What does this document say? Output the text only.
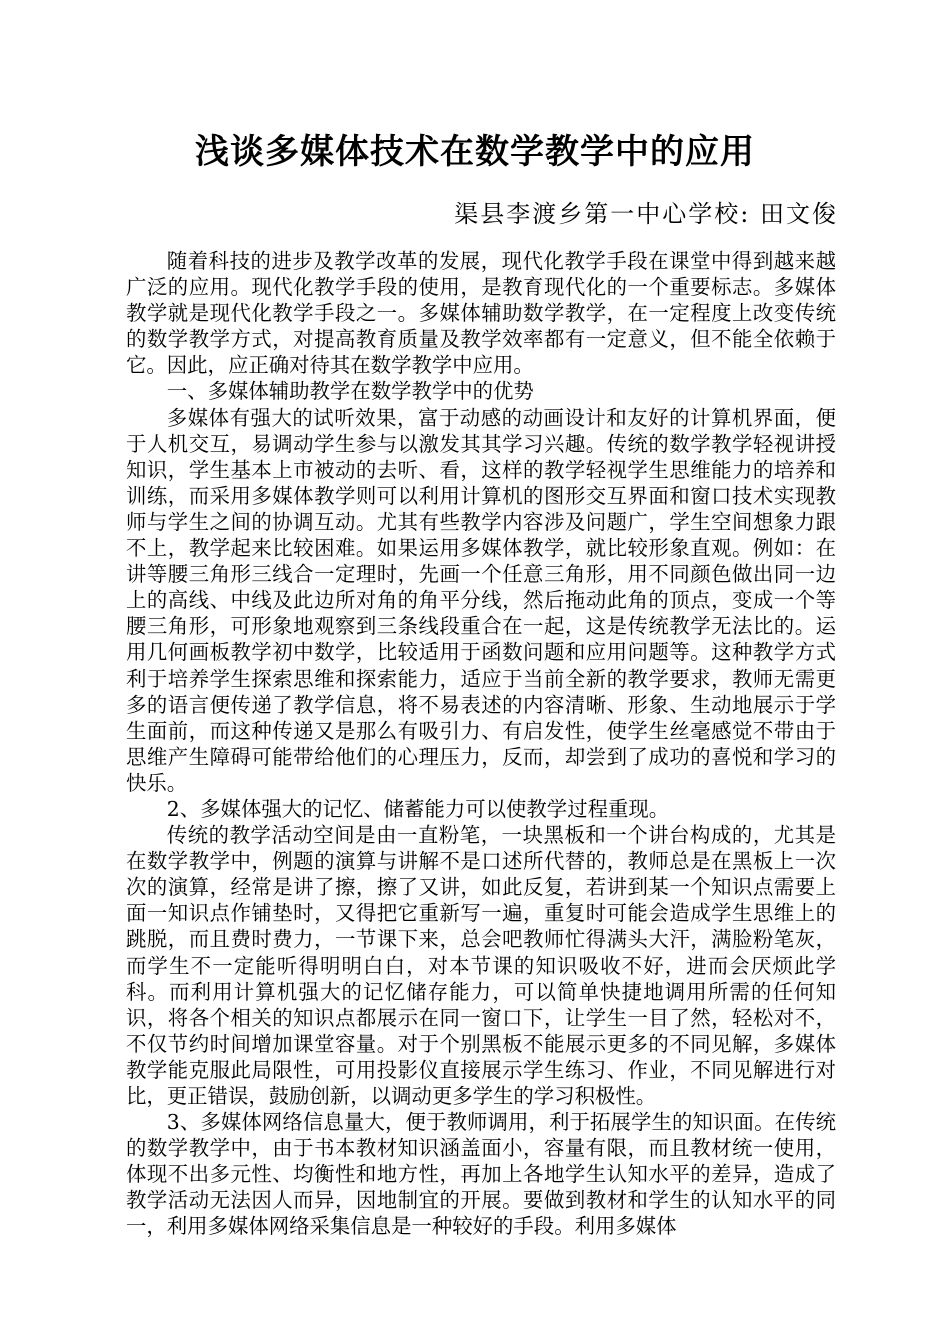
浅谈多媒体技术在数学教学中的应用
渠县李渡乡第一中心学校: 田文俊

随着科技的进步及教学改革的发展，现代化教学手段在课堂中得到越来越广泛的应用。现代化教学手段的使用，是教育现代化的一个重要标志。多媒体教学就是现代化教学手段之一。多媒体辅助数学教学，在一定程度上改变传统的数学教学方式，对提高教育质量及教学效率都有一定意义，但不能全依赖于它。因此，应正确对待其在数学教学中应用。

一、多媒体辅助教学在数学教学中的优势

多媒体有强大的试听效果，富于动感的动画设计和友好的计算机界面，便于人机交互，易调动学生参与以激发其其学习兴趣。传统的数学教学轻视讲授知识，学生基本上市被动的去听、看，这样的教学轻视学生思维能力的培养和训练，而采用多媒体教学则可以利用计算机的图形交互界面和窗口技术实现教师与学生之间的协调互动。尤其有些教学内容涉及问题广，学生空间想象力跟不上，教学起来比较困难。如果运用多媒体教学，就比较形象直观。例如：在讲等腰三角形三线合一定理时，先画一个任意三角形，用不同颜色做出同一边上的高线、中线及此边所对角的角平分线，然后拖动此角的顶点，变成一个等腰三角形，可形象地观察到三条线段重合在一起，这是传统教学无法比的。运用几何画板教学初中数学，比较适用于函数问题和应用问题等。这种教学方式利于培养学生探索思维和探索能力，适应于当前全新的教学要求，教师无需更多的语言便传递了教学信息，将不易表述的内容清晰、形象、生动地展示于学生面前，而这种传递又是那么有吸引力、有启发性，使学生丝毫感觉不带由于思维产生障碍可能带给他们的心理压力，反而，却尝到了成功的喜悦和学习的快乐。

2、多媒体强大的记忆、储蓄能力可以使教学过程重现。

传统的教学活动空间是由一直粉笔，一块黑板和一个讲台构成的，尤其是在数学教学中，例题的演算与讲解不是口述所代替的，教师总是在黑板上一次次的演算，经常是讲了擦，擦了又讲，如此反复，若讲到某一个知识点需要上面一知识点作铺垫时，又得把它重新写一遍，重复时可能会造成学生思维上的跳脱，而且费时费力，一节课下来，总会吧教师忙得满头大汗，满脸粉笔灰，而学生不一定能听得明明白白，对本节课的知识吸收不好，进而会厌烦此学科。而利用计算机强大的记忆储存能力，可以简单快捷地调用所需的任何知识，将各个相关的知识点都展示在同一窗口下，让学生一目了然，轻松对不，不仅节约时间增加课堂容量。对于个别黑板不能展示更多的不同见解，多媒体教学能克服此局限性，可用投影仪直接展示学生练习、作业，不同见解进行对比，更正错误，鼓励创新，以调动更多学生的学习积极性。

3、多媒体网络信息量大，便于教师调用，利于拓展学生的知识面。在传统的数学教学中，由于书本教材知识涵盖面小，容量有限，而且教材统一使用，体现不出多元性、均衡性和地方性，再加上各地学生认知水平的差异，造成了教学活动无法因人而异，因地制宜的开展。要做到教材和学生的认知水平的同一，利用多媒体网络采集信息是一种较好的手段。利用多媒体
